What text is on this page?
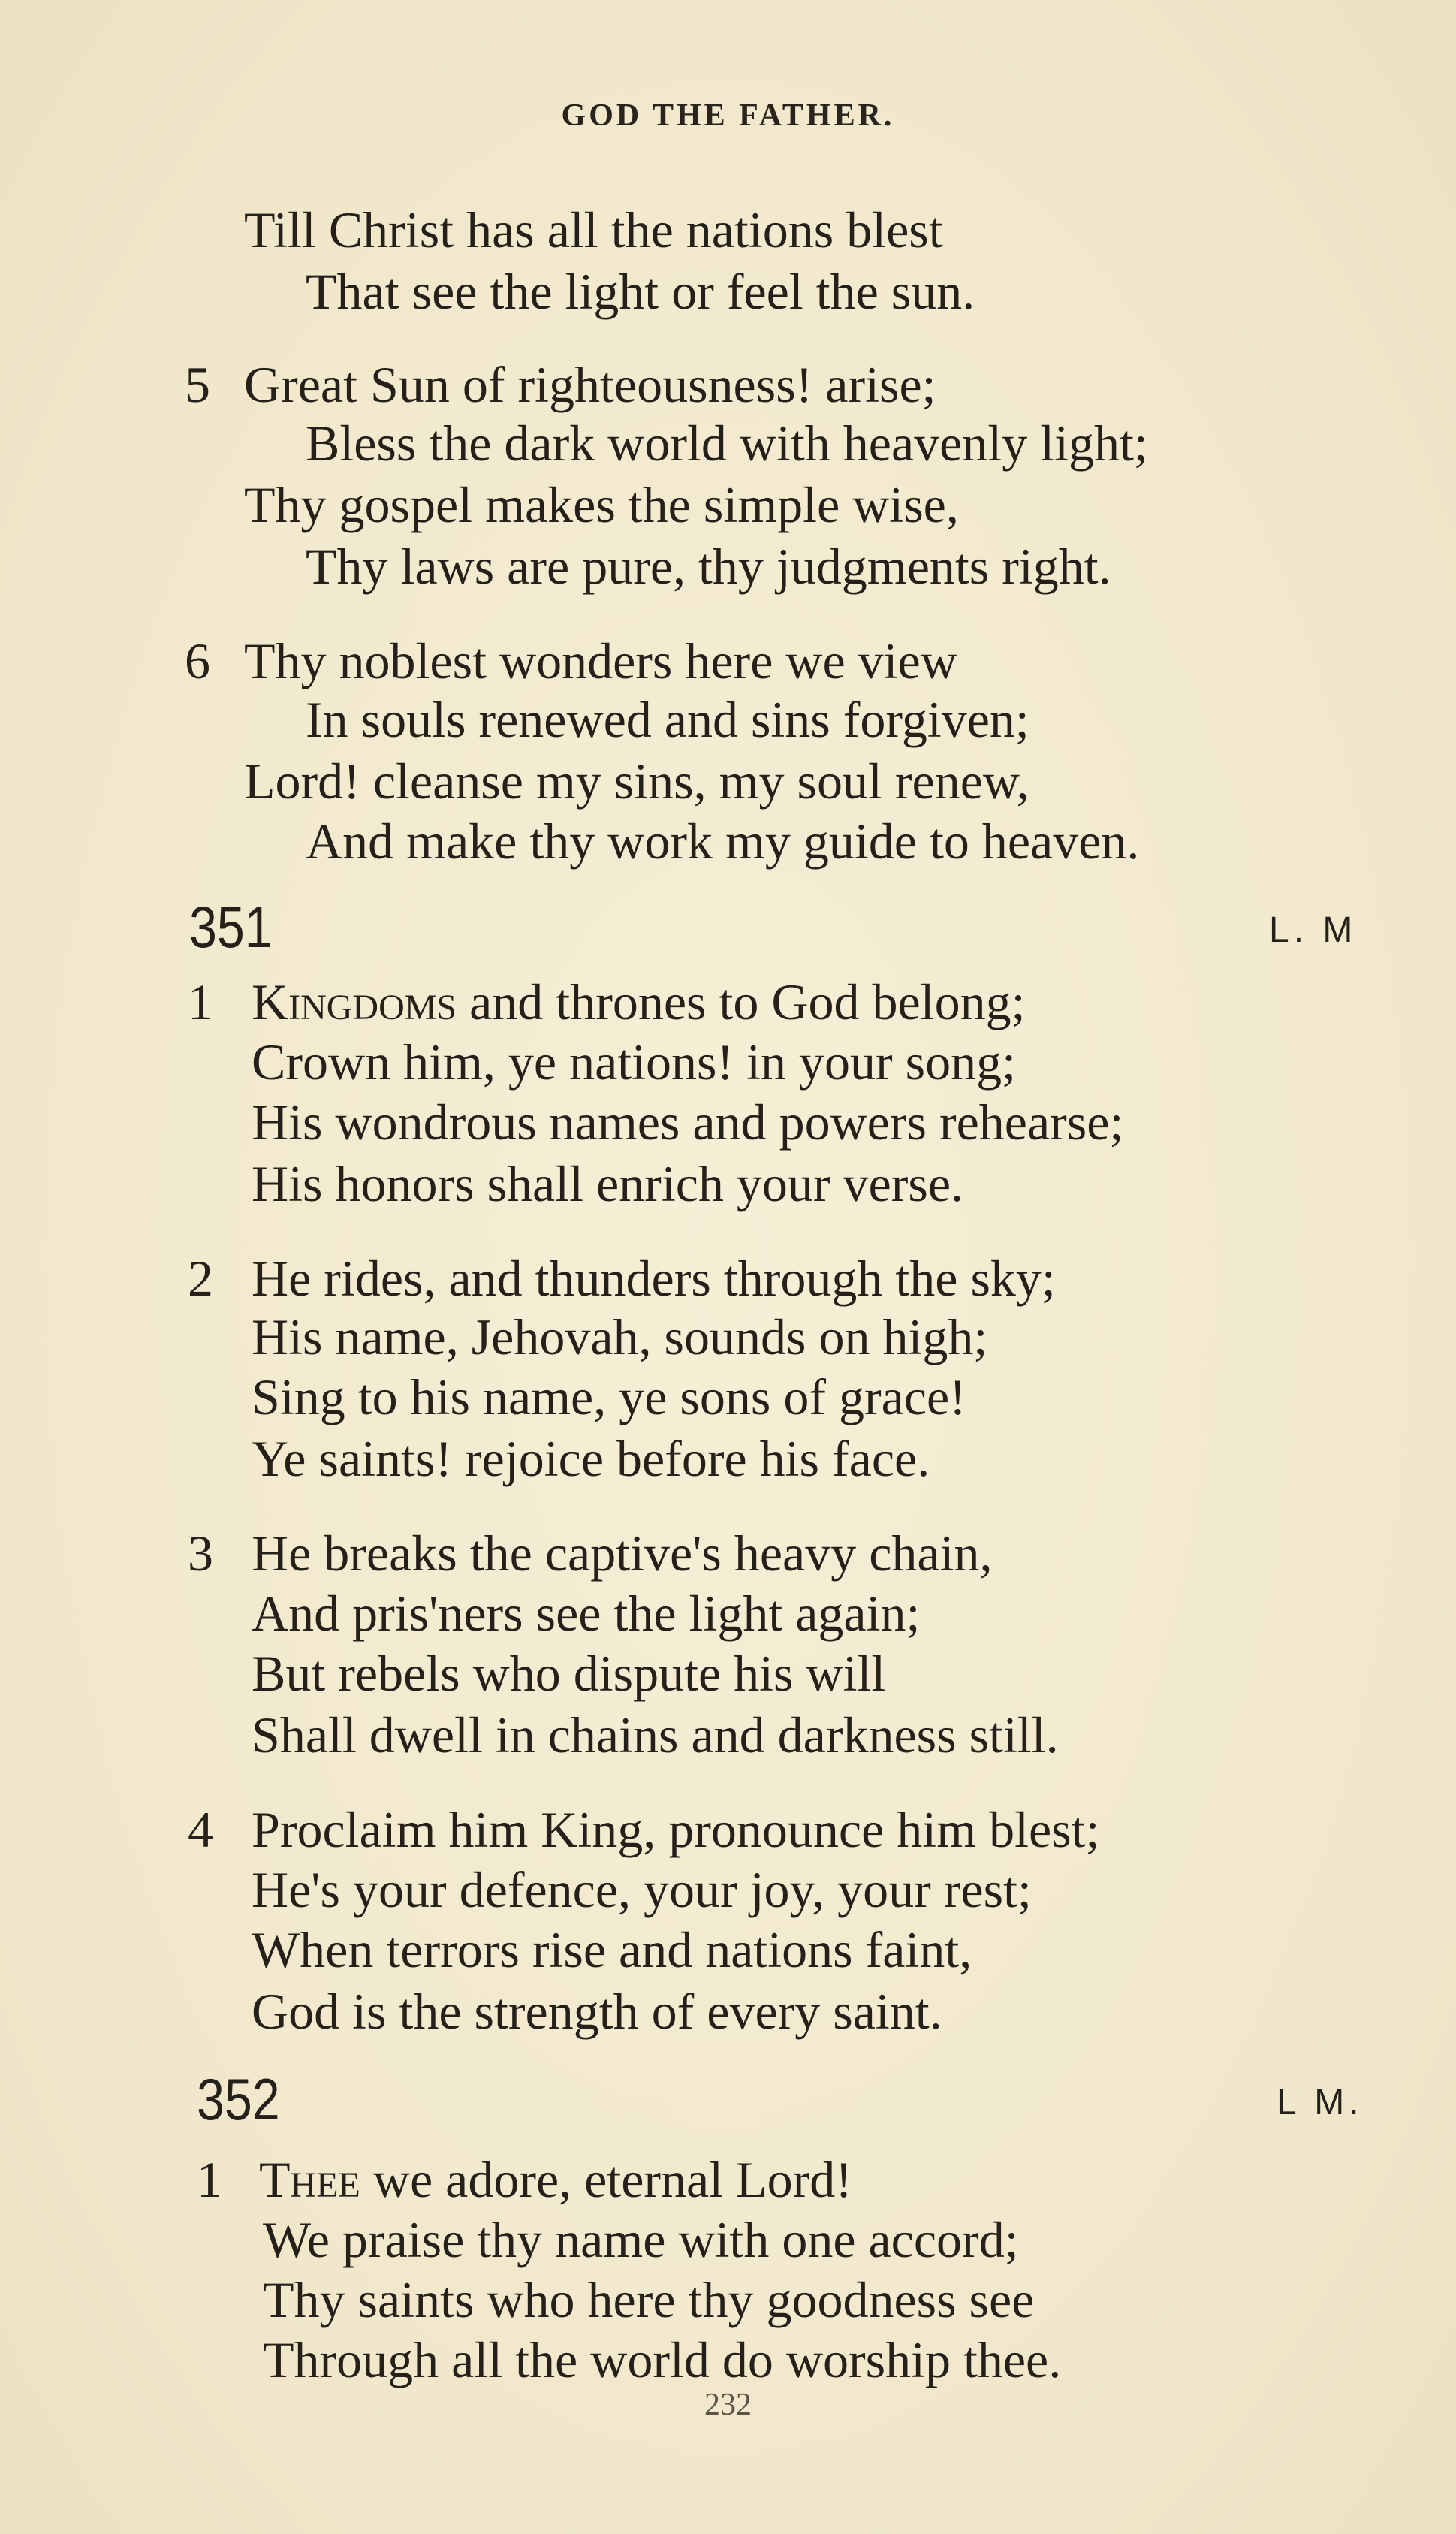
GOD THE FATHER.
Till Christ has all the nations blest
That see the light or feel the sun.
5 Great Sun of righteousness! arise;
Bless the dark world with heavenly light;
Thy gospel makes the simple wise,
Thy laws are pure, thy judgments right.
6 Thy noblest wonders here we view
In souls renewed and sins forgiven;
Lord! cleanse my sins, my soul renew,
And make thy work my guide to heaven.
351	L. M
1 Kingdoms and thrones to God belong;
Crown him, ye nations! in your song;
His wondrous names and powers rehearse;
His honors shall enrich your verse.
2 He rides, and thunders through the sky;
His name, Jehovah, sounds on high;
Sing to his name, ye sons of grace!
Ye saints! rejoice before his face.
3 He breaks the captive's heavy chain,
And pris'ners see the light again;
But rebels who dispute his will
Shall dwell in chains and darkness still.
4 Proclaim him King, pronounce him blest;
He's your defence, your joy, your rest;
When terrors rise and nations faint,
God is the strength of every saint.
352	L M.
1 Thee we adore, eternal Lord!
We praise thy name with one accord;
Thy saints who here thy goodness see
Through all the world do worship thee.
232
